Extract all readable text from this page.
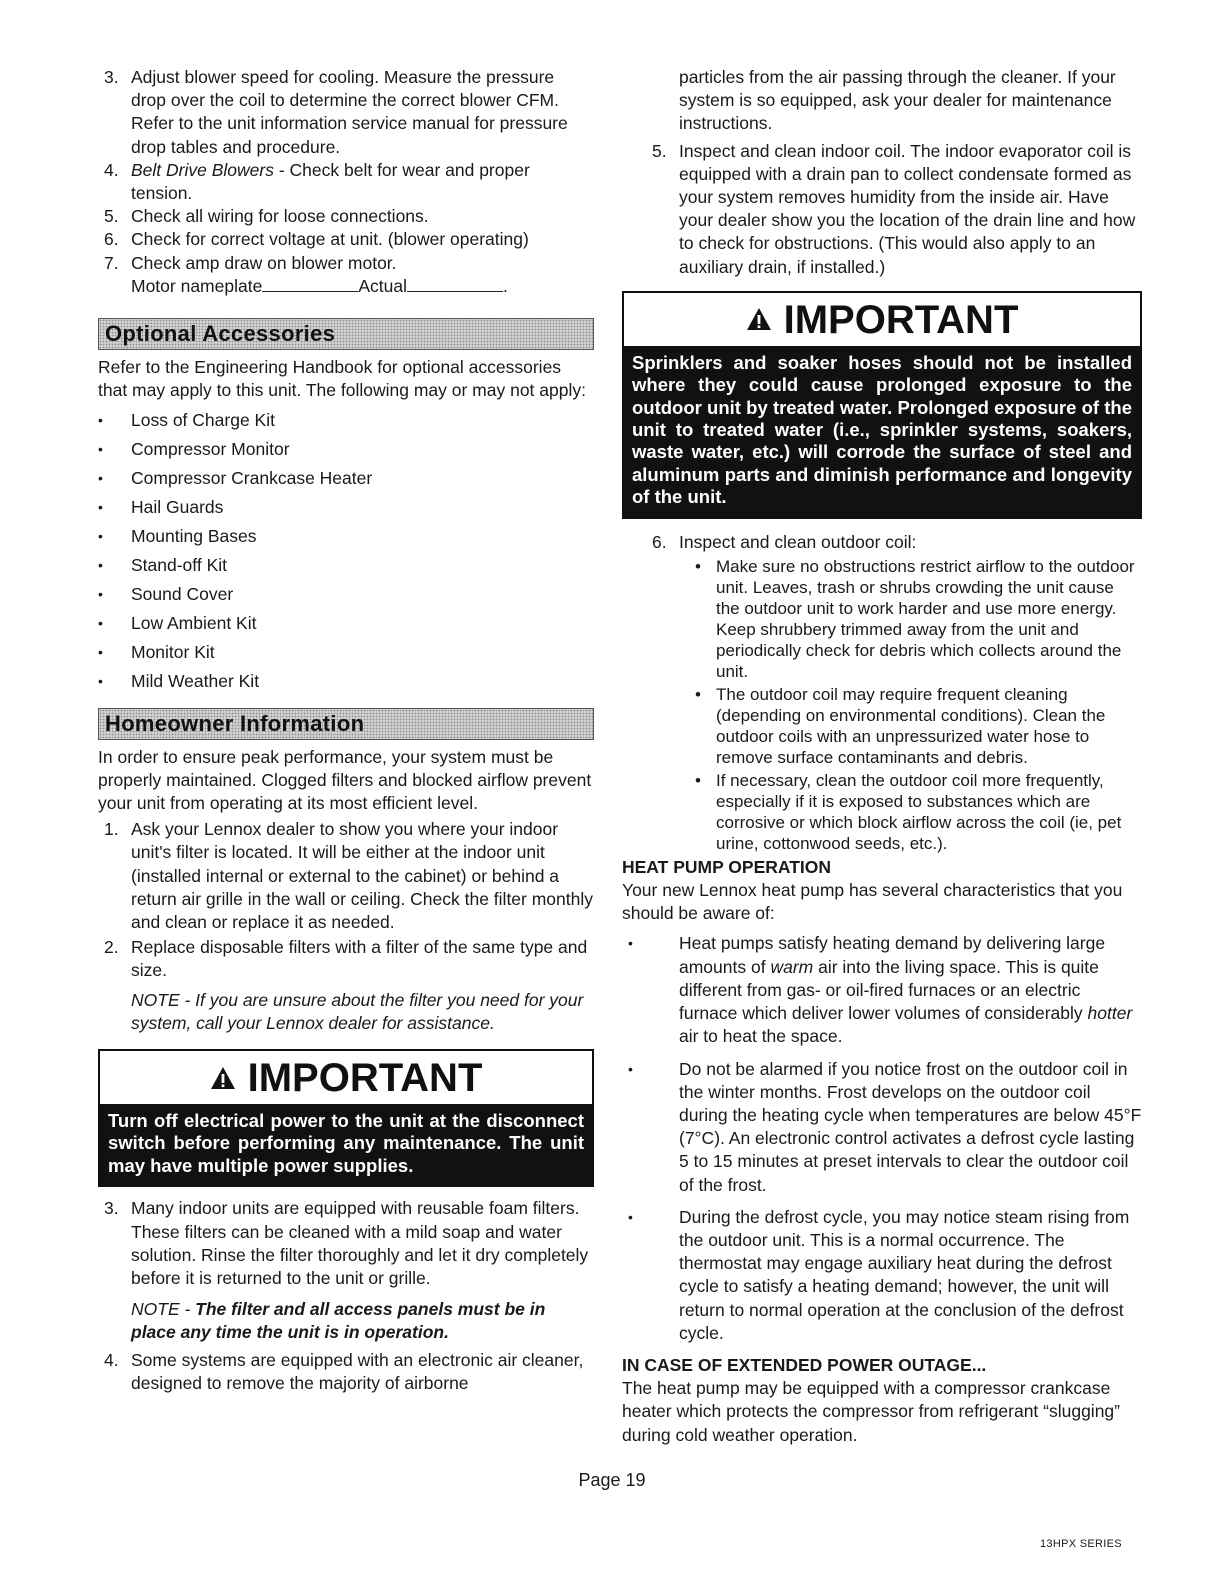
3. Adjust blower speed for cooling. Measure the pressure drop over the coil to determine the correct blower CFM. Refer to the unit information service manual for pressure drop tables and procedure.
4. Belt Drive Blowers - Check belt for wear and proper tension.
5. Check all wiring for loose connections.
6. Check for correct voltage at unit. (blower operating)
7. Check amp draw on blower motor.
Motor nameplate	Actual	.
Optional Accessories

Refer to the Engineering Handbook for optional accessories that may apply to this unit. The following may or may not apply:

• Loss of Charge Kit
• Compressor Monitor
• Compressor Crankcase Heater
• Hail Guards
• Mounting Bases
• Stand-off Kit
• Sound Cover
• Low Ambient Kit
• Monitor Kit
• Mild Weather Kit
Homeowner Information

In order to ensure peak performance, your system must be properly maintained. Clogged filters and blocked airflow prevent your unit from operating at its most efficient level.

1. Ask your Lennox dealer to show you where your indoor unit's filter is located. It will be either at the indoor unit (installed internal or external to the cabinet) or behind a return air grille in the wall or ceiling. Check the filter monthly and clean or replace it as needed.
2. Replace disposable filters with a filter of the same type and size.

NOTE - If you are unsure about the filter you need for your system, call your Lennox dealer for assistance.

IMPORTANT
Turn off electrical power to the unit at the disconnect switch before performing any maintenance. The unit may have multiple power supplies.
3. Many indoor units are equipped with reusable foam filters. These filters can be cleaned with a mild soap and water solution. Rinse the filter thoroughly and let it dry completely before it is returned to the unit or grille.

NOTE - The filter and all access panels must be in place any time the unit is in operation.

4. Some systems are equipped with an electronic air cleaner, designed to remove the majority of airborne

particles from the air passing through the cleaner. If your system is so equipped, ask your dealer for maintenance instructions.

5. Inspect and clean indoor coil. The indoor evaporator coil is equipped with a drain pan to collect condensate formed as your system removes humidity from the inside air. Have your dealer show you the location of the drain line and how to check for obstructions. (This would also apply to an auxiliary drain, if installed.)
IMPORTANT
Sprinklers and soaker hoses should not be installed where they could cause prolonged exposure to the outdoor unit by treated water. Prolonged exposure of the unit to treated water (i.e., sprinkler systems, soakers, waste water, etc.) will corrode the surface of steel and aluminum parts and diminish performance and longevity of the unit.
6. Inspect and clean outdoor coil:
• Make sure no obstructions restrict airflow to the outdoor unit. Leaves, trash or shrubs crowding the unit cause the outdoor unit to work harder and use more energy. Keep shrubbery trimmed away from the unit and periodically check for debris which collects around the unit.
• The outdoor coil may require frequent cleaning (depending on environmental conditions). Clean the outdoor coils with an unpressurized water hose to remove surface contaminants and debris.
• If necessary, clean the outdoor coil more frequently, especially if it is exposed to substances which are corrosive or which block airflow across the coil (ie, pet urine, cottonwood seeds, etc.).

HEAT PUMP OPERATION

Your new Lennox heat pump has several characteristics that you should be aware of:

• Heat pumps satisfy heating demand by delivering large amounts of warm air into the living space. This is quite different from gas- or oil-fired furnaces or an electric furnace which deliver lower volumes of considerably hotter air to heat the space.
• Do not be alarmed if you notice frost on the outdoor coil in the winter months. Frost develops on the outdoor coil during the heating cycle when temperatures are below 45°F (7°C). An electronic control activates a defrost cycle lasting 5 to 15 minutes at preset intervals to clear the outdoor coil of the frost.
• During the defrost cycle, you may notice steam rising from the outdoor unit. This is a normal occurrence. The thermostat may engage auxiliary heat during the defrost cycle to satisfy a heating demand; however, the unit will return to normal operation at the conclusion of the defrost cycle.

IN CASE OF EXTENDED POWER OUTAGE...

The heat pump may be equipped with a compressor crankcase heater which protects the compressor from refrigerant “slugging” during cold weather operation.

Page 19
13HPX SERIES
